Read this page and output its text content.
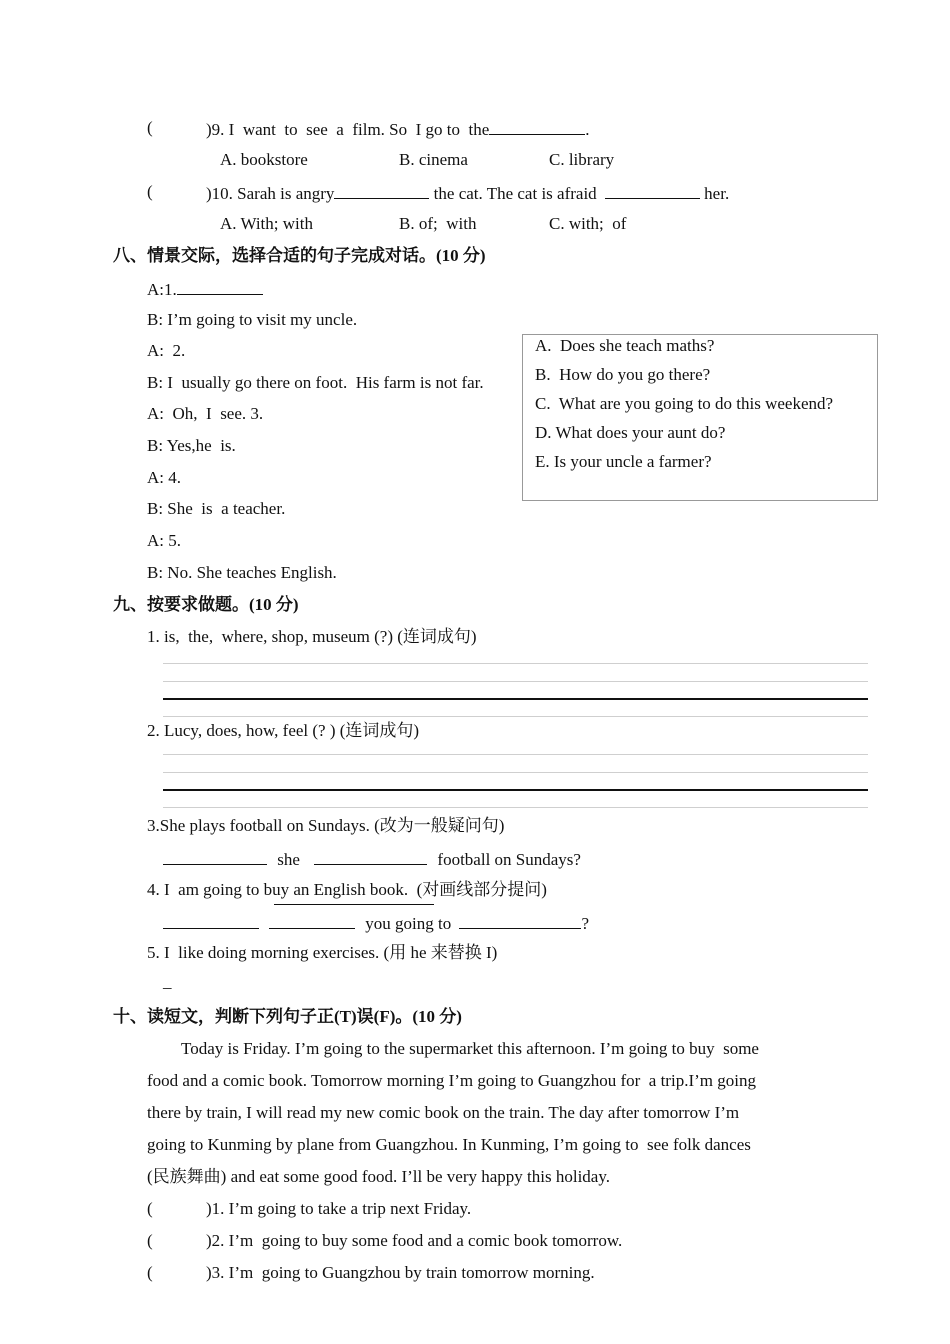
(	)9. I  want  to  see  a  film. So  I go to  the	.
A. bookstore	B. cinema	C. library
(	)10. Sarah is angry	the cat. The cat is afraid	her.
A. With; with	B. of;  with	C. with;  of
八、情景交际，选择合适的句子完成对话。(10 分)
A:1.
B: I’m going to visit my uncle.
A:  2.
B: I  usually go there on foot.  His farm is not far.
A:  Oh,  I  see. 3.
B: Yes,he  is.
A: 4.
B: She  is  a teacher.
A: 5.
B: No. She teaches English.
A.  Does she teach maths?
B.  How do you go there?
C.  What are you going to do this weekend?
D. What does your aunt do?
E. Is your uncle a farmer?
九、按要求做题。(10 分)
1. is,  the,  where, shop, museum (?) (连词成句)
2. Lucy, does, how, feel (? ) (连词成句)
3.She plays football on Sundays. (改为一般疑问句)
she	football on Sundays?
4. I  am going to buy an English book.  (对画线部分提问)
you going to	?
5. I  like doing morning exercises. (用 he 来替换 I)
_
十、读短文，判断下列句子正(T)误(F)。(10 分)
Today is Friday. I’m going to the supermarket this afternoon. I’m going to buy  some
food and a comic book. Tomorrow morning I’m going to Guangzhou for  a trip.I’m going
there by train, I will read my new comic book on the train. The day after tomorrow I’m
going to Kunming by plane from Guangzhou. In Kunming, I’m going to  see folk dances
(民族舞曲) and eat some good food. I’ll be very happy this holiday.
(	)1. I’m going to take a trip next Friday.
(	)2. I’m  going to buy some food and a comic book tomorrow.
(	)3. I’m  going to Guangzhou by train tomorrow morning.
